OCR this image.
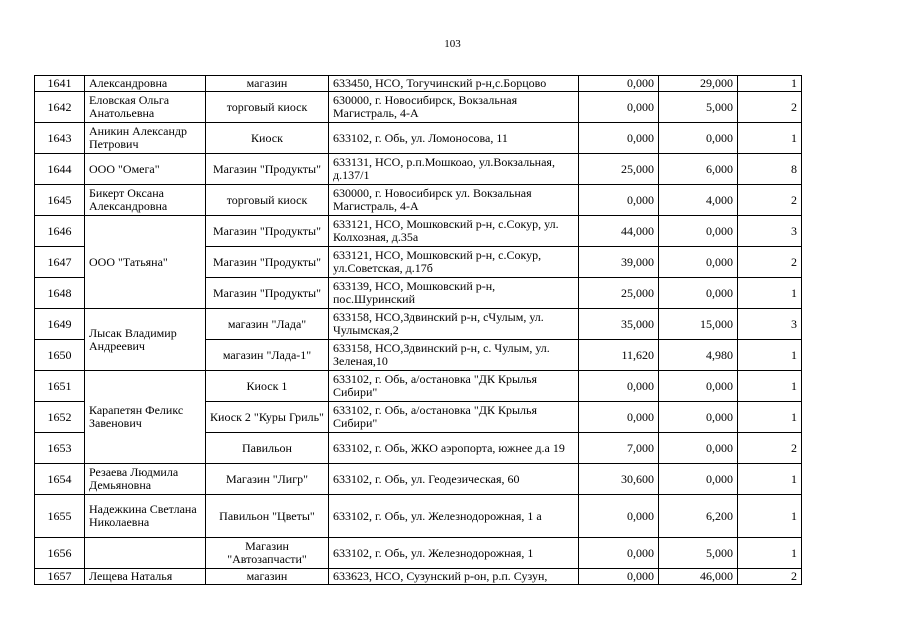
103
1641	Александровна	магазин	633450, НСО, Тогучинский р-н,с.Борцово	0,000	29,000	1
1642	Еловская Ольга Анатольевна	торговый киоск	630000, г. Новосибирск, Вокзальная Магистраль, 4-А	0,000	5,000	2
1643	Аникин Александр Петрович	Киоск	633102, г. Обь, ул. Ломоносова, 11	0,000	0,000	1
1644	ООО "Омега"	Магазин "Продукты"	633131, НСО, р.п.Мошкоао, ул.Вокзальная, д.137/1	25,000	6,000	8
1645	Бикерт Оксана Александровна	торговый киоск	630000, г. Новосибирск ул. Вокзальная Магистраль, 4-А	0,000	4,000	2
1646	ООО "Татьяна"	Магазин "Продукты"	633121, НСО, Мошковский р-н, с.Сокур, ул. Колхозная, д.35а	44,000	0,000	3
1647		Магазин "Продукты"	633121, НСО, Мошковский р-н, с.Сокур, ул.Советская, д.17б	39,000	0,000	2
1648		Магазин "Продукты"	633139, НСО, Мошковский р-н, пос.Шуринский	25,000	0,000	1
1649	Лысак Владимир Андреевич	магазин "Лада"	633158, НСО,Здвинский р-н, сЧулым, ул. Чулымская,2	35,000	15,000	3
1650		магазин "Лада-1"	633158, НСО,Здвинский р-н, с. Чулым, ул. Зеленая,10	11,620	4,980	1
1651	Карапетян Феликс Завенович	Киоск 1	633102, г. Обь, а/остановка "ДК Крылья Сибири"	0,000	0,000	1
1652		Киоск 2 "Куры Гриль"	633102, г. Обь, а/остановка "ДК Крылья Сибири"	0,000	0,000	1
1653		Павильон	633102, г. Обь, ЖКО аэропорта, южнее д.а 19	7,000	0,000	2
1654	Резаева Людмила Демьяновна	Магазин "Лигр"	633102, г. Обь, ул. Геодезическая, 60	30,600	0,000	1
1655	Надежкина Светлана Николаевна	Павильон "Цветы"	633102, г. Обь, ул. Железнодорожная, 1 а	0,000	6,200	1
1656		Магазин "Автозапчасти"	633102, г. Обь, ул. Железнодорожная, 1	0,000	5,000	1
1657	Лещева Наталья	магазин	633623, НСО, Сузунский р-он, р.п. Сузун,	0,000	46,000	2
